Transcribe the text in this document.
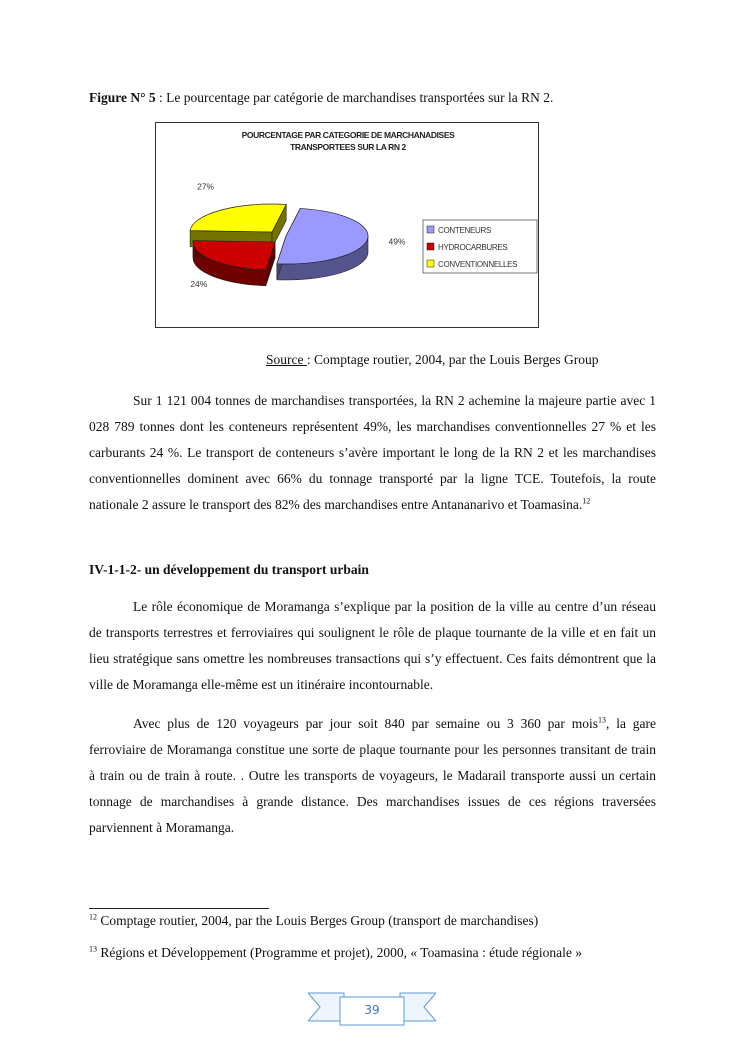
Figure N° 5 : Le pourcentage par catégorie de marchandises transportées sur la RN 2.
POURCENTAGE PAR CATEGORIE DE MARCHANADISES
TRANSPORTEES SUR LA RN 2
49%
24%
27%
CONTENEURS
HYDROCARBURES
CONVENTIONNELLES
Source : Comptage routier, 2004, par the Louis Berges Group

Sur 1 121 004 tonnes de marchandises transportées, la RN 2 achemine la majeure partie avec 1 028 789 tonnes dont les conteneurs représentent 49%, les marchandises conventionnelles 27 % et les carburants 24 %. Le transport de conteneurs s’avère important le long de la RN 2 et les marchandises conventionnelles dominent avec 66% du tonnage transporté par la ligne TCE. Toutefois, la route nationale 2 assure le transport des 82% des marchandises entre Antananarivo et Toamasina.$^{12}$

IV-1-1-2- un développement du transport urbain

Le rôle économique de Moramanga s’explique par la position de la ville au centre d’un réseau de transports terrestres et ferroviaires qui soulignent le rôle de plaque tournante de la ville et en fait un lieu stratégique sans omettre les nombreuses transactions qui s’y effectuent. Ces faits démontrent que la ville de Moramanga elle-même est un itinéraire incontournable.

Avec plus de 120 voyageurs par jour soit 840 par semaine ou 3 360 par mois$^{13}$, la gare ferroviaire de Moramanga constitue une sorte de plaque tournante pour les personnes transitant de train à train ou de train à route. . Outre les transports de voyageurs, le Madarail transporte aussi un certain tonnage de marchandises à grande distance. Des marchandises issues de ces régions traversées parviennent à Moramanga.

$^{12}$ Comptage routier, 2004, par the Louis Berges Group (transport de marchandises)
$^{13}$ Régions et Développement (Programme et projet), 2000, « Toamasina : étude régionale »
39
